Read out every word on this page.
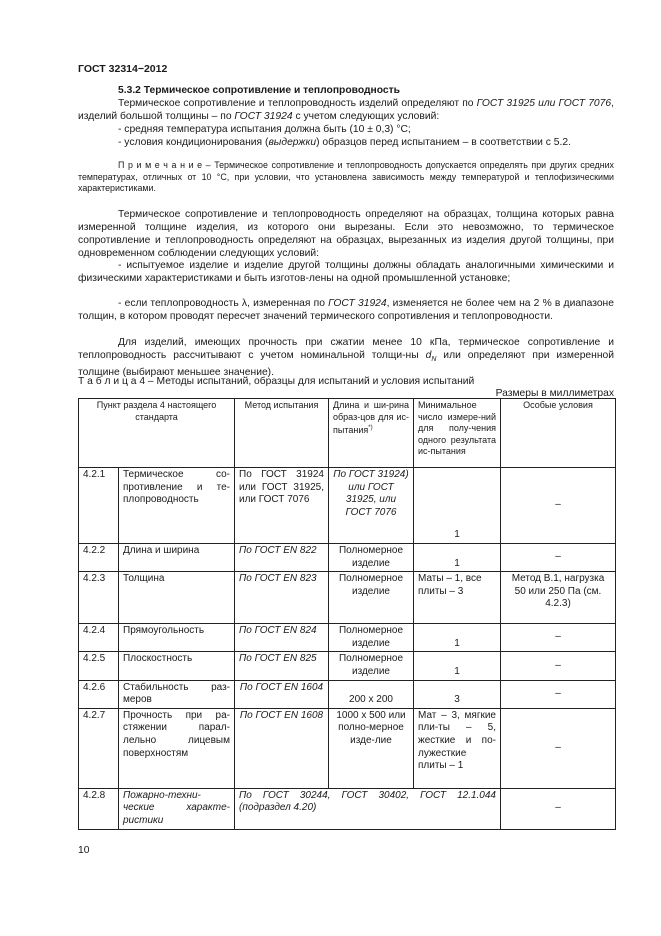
ГОСТ 32314−2012
5.3.2 Термическое сопротивление и теплопроводность
Термическое сопротивление и теплопроводность изделий определяют по ГОСТ 31925 или ГОСТ 7076, изделий большой толщины – по ГОСТ 31924 с учетом следующих условий:
- средняя температура испытания должна быть (10 ± 0,3) °С;
- условия кондиционирования (выдержки) образцов перед испытанием – в соответствии с 5.2.
П р и м е ч а н и е – Термическое сопротивление и теплопроводность допускается определять при других средних температурах, отличных от 10 °С, при условии, что установлена зависимость между температурой и теплофизическими характеристиками.
Термическое сопротивление и теплопроводность определяют на образцах, толщина которых равна измеренной толщине изделия, из которого они вырезаны. Если это невозможно, то термическое сопротивление и теплопроводность определяют на образцах, вырезанных из изделия другой толщины, при одновременном соблюдении следующих условий:
- испытуемое изделие и изделие другой толщины должны обладать аналогичными химическими и физическими характеристиками и быть изготов-лены на одной промышленной установке;
- если теплопроводность λ, измеренная по ГОСТ 31924, изменяется не более чем на 2 % в диапазоне толщин, в котором проводят пересчет значений термического сопротивления и теплопроводности.
Для изделий, имеющих прочность при сжатии менее 10 кПа, термическое сопротивление и теплопроводность рассчитывают с учетом номинальной толщи-ны $d_N$ или определяют при измеренной толщине (выбирают меньшее значение).
Т а б л и ц а 4 – Методы испытаний, образцы для испытаний и условия испытаний
Размеры в миллиметрах
Пункт раздела 4 настоящего стандарта		Метод испытания	Длина и ши-рина образ-цов для ис-пытания*)	Минимальное число измере-ний для полу-чения одного результата ис-пытания	Особые условия
4.2.1	Термическое со-противление и те-плопроводность	По ГОСТ 31924 или ГОСТ 31925, или ГОСТ 7076	По ГОСТ 31924) или ГОСТ 31925, или ГОСТ 7076	1	–
4.2.2	Длина и ширина	По ГОСТ EN 822	Полномерное изделие	1	–
4.2.3	Толщина	По ГОСТ EN 823	Полномерное изделие	Маты – 1, все плиты – 3	Метод В.1, нагрузка 50 или 250 Па (см. 4.2.3)
4.2.4	Прямоугольность	По ГОСТ EN 824	Полномерное изделие	1	–
4.2.5	Плоскостность	По ГОСТ EN 825	Полномерное изделие	1	–
4.2.6	Стабильность раз-меров	По ГОСТ EN 1604	200 х 200	3	–
4.2.7	Прочность при ра-стяжении парал-лельно лицевым поверхностям	По ГОСТ EN 1608	1000 х 500 или полно-мерное изде-лие	Мат – 3, мягкие пли-ты – 5, жесткие и по-лужесткие плиты – 1	–
4.2.8	Пожарно-техни-ческие характе-ристики	По ГОСТ 30244, ГОСТ 30402, ГОСТ 12.1.044 (подраздел 4.20)			–
10
